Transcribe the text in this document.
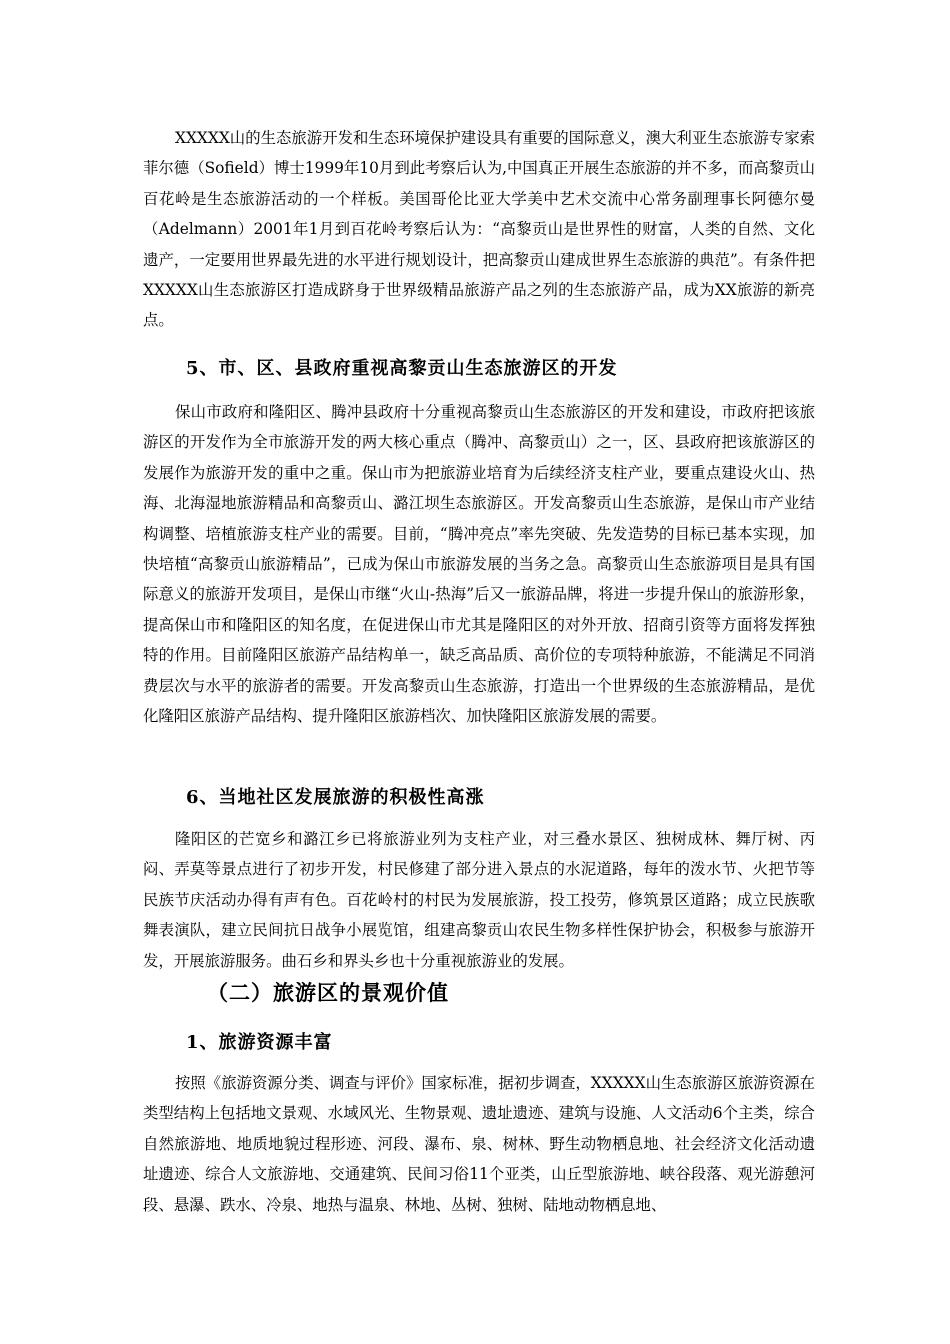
XXXXX山的生态旅游开发和生态环境保护建设具有重要的国际意义，澳大利亚生态旅游专家索菲尔德（Sofield）博士1999年10月到此考察后认为,中国真正开展生态旅游的并不多，而高黎贡山百花岭是生态旅游活动的一个样板。美国哥伦比亚大学美中艺术交流中心常务副理事长阿德尔曼（Adelmann）2001年1月到百花岭考察后认为：“高黎贡山是世界性的财富，人类的自然、文化遗产，一定要用世界最先进的水平进行规划设计，把高黎贡山建成世界生态旅游的典范”。有条件把XXXXX山生态旅游区打造成跻身于世界级精品旅游产品之列的生态旅游产品，成为XX旅游的新亮点。

5、市、区、县政府重视高黎贡山生态旅游区的开发

保山市政府和隆阳区、腾冲县政府十分重视高黎贡山生态旅游区的开发和建设，市政府把该旅游区的开发作为全市旅游开发的两大核心重点（腾冲、高黎贡山）之一，区、县政府把该旅游区的发展作为旅游开发的重中之重。保山市为把旅游业培育为后续经济支柱产业，要重点建设火山、热海、北海湿地旅游精品和高黎贡山、潞江坝生态旅游区。开发高黎贡山生态旅游，是保山市产业结构调整、培植旅游支柱产业的需要。目前，“腾冲亮点”率先突破、先发造势的目标已基本实现，加快培植“高黎贡山旅游精品”，已成为保山市旅游发展的当务之急。高黎贡山生态旅游项目是具有国际意义的旅游开发项目，是保山市继“火山-热海”后又一旅游品牌，将进一步提升保山的旅游形象，提高保山市和隆阳区的知名度，在促进保山市尤其是隆阳区的对外开放、招商引资等方面将发挥独特的作用。目前隆阳区旅游产品结构单一，缺乏高品质、高价位的专项特种旅游，不能满足不同消费层次与水平的旅游者的需要。开发高黎贡山生态旅游，打造出一个世界级的生态旅游精品，是优化隆阳区旅游产品结构、提升隆阳区旅游档次、加快隆阳区旅游发展的需要。

6、当地社区发展旅游的积极性高涨

隆阳区的芒宽乡和潞江乡已将旅游业列为支柱产业，对三叠水景区、独树成林、舞厅树、丙闷、弄莫等景点进行了初步开发，村民修建了部分进入景点的水泥道路，每年的泼水节、火把节等民族节庆活动办得有声有色。百花岭村的村民为发展旅游，投工投劳，修筑景区道路；成立民族歌舞表演队，建立民间抗日战争小展览馆，组建高黎贡山农民生物多样性保护协会，积极参与旅游开发，开展旅游服务。曲石乡和界头乡也十分重视旅游业的发展。

（二）旅游区的景观价值
1、旅游资源丰富

按照《旅游资源分类、调查与评价》国家标准，据初步调查，XXXXX山生态旅游区旅游资源在类型结构上包括地文景观、水域风光、生物景观、遗址遗迹、建筑与设施、人文活动6个主类，综合自然旅游地、地质地貌过程形迹、河段、瀑布、泉、树林、野生动物栖息地、社会经济文化活动遗址遗迹、综合人文旅游地、交通建筑、民间习俗11个亚类，山丘型旅游地、峡谷段落、观光游憩河段、悬瀑、跌水、冷泉、地热与温泉、林地、丛树、独树、陆地动物栖息地、
